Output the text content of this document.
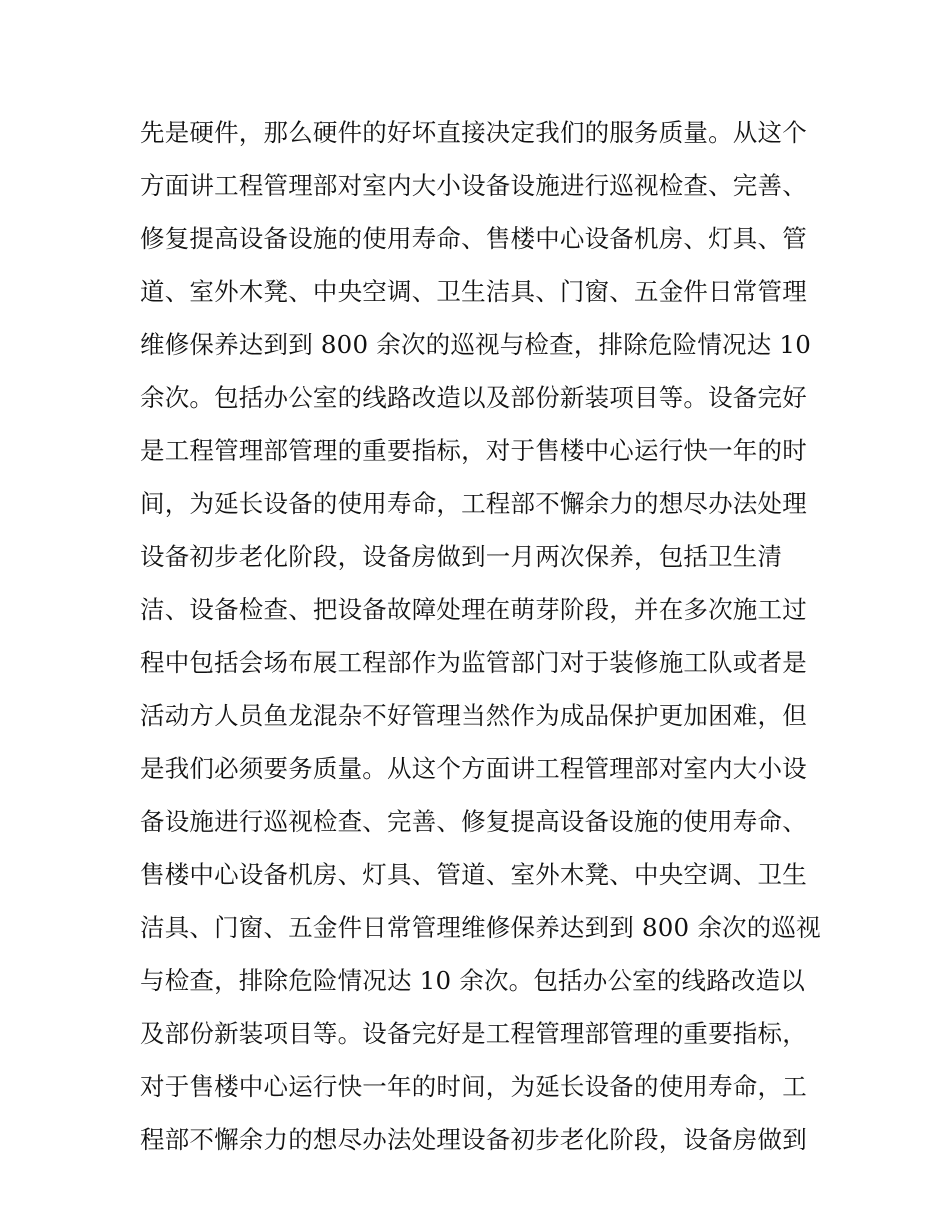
先是硬件，那么硬件的好坏直接决定我们的服务质量。从这个
方面讲工程管理部对室内大小设备设施进行巡视检查、完善、
修复提高设备设施的使用寿命、售楼中心设备机房、灯具、管
道、室外木凳、中央空调、卫生洁具、门窗、五金件日常管理
维修保养达到到 800 余次的巡视与检查，排除危险情况达 10
余次。包括办公室的线路改造以及部份新装项目等。设备完好
是工程管理部管理的重要指标，对于售楼中心运行快一年的时
间，为延长设备的使用寿命，工程部不懈余力的想尽办法处理
设备初步老化阶段，设备房做到一月两次保养，包括卫生清
洁、设备检查、把设备故障处理在萌芽阶段，并在多次施工过
程中包括会场布展工程部作为监管部门对于装修施工队或者是
活动方人员鱼龙混杂不好管理当然作为成品保护更加困难，但
是我们必须要务质量。从这个方面讲工程管理部对室内大小设
备设施进行巡视检查、完善、修复提高设备设施的使用寿命、
售楼中心设备机房、灯具、管道、室外木凳、中央空调、卫生
洁具、门窗、五金件日常管理维修保养达到到 800 余次的巡视
与检查，排除危险情况达 10 余次。包括办公室的线路改造以
及部份新装项目等。设备完好是工程管理部管理的重要指标，
对于售楼中心运行快一年的时间，为延长设备的使用寿命，工
程部不懈余力的想尽办法处理设备初步老化阶段，设备房做到
